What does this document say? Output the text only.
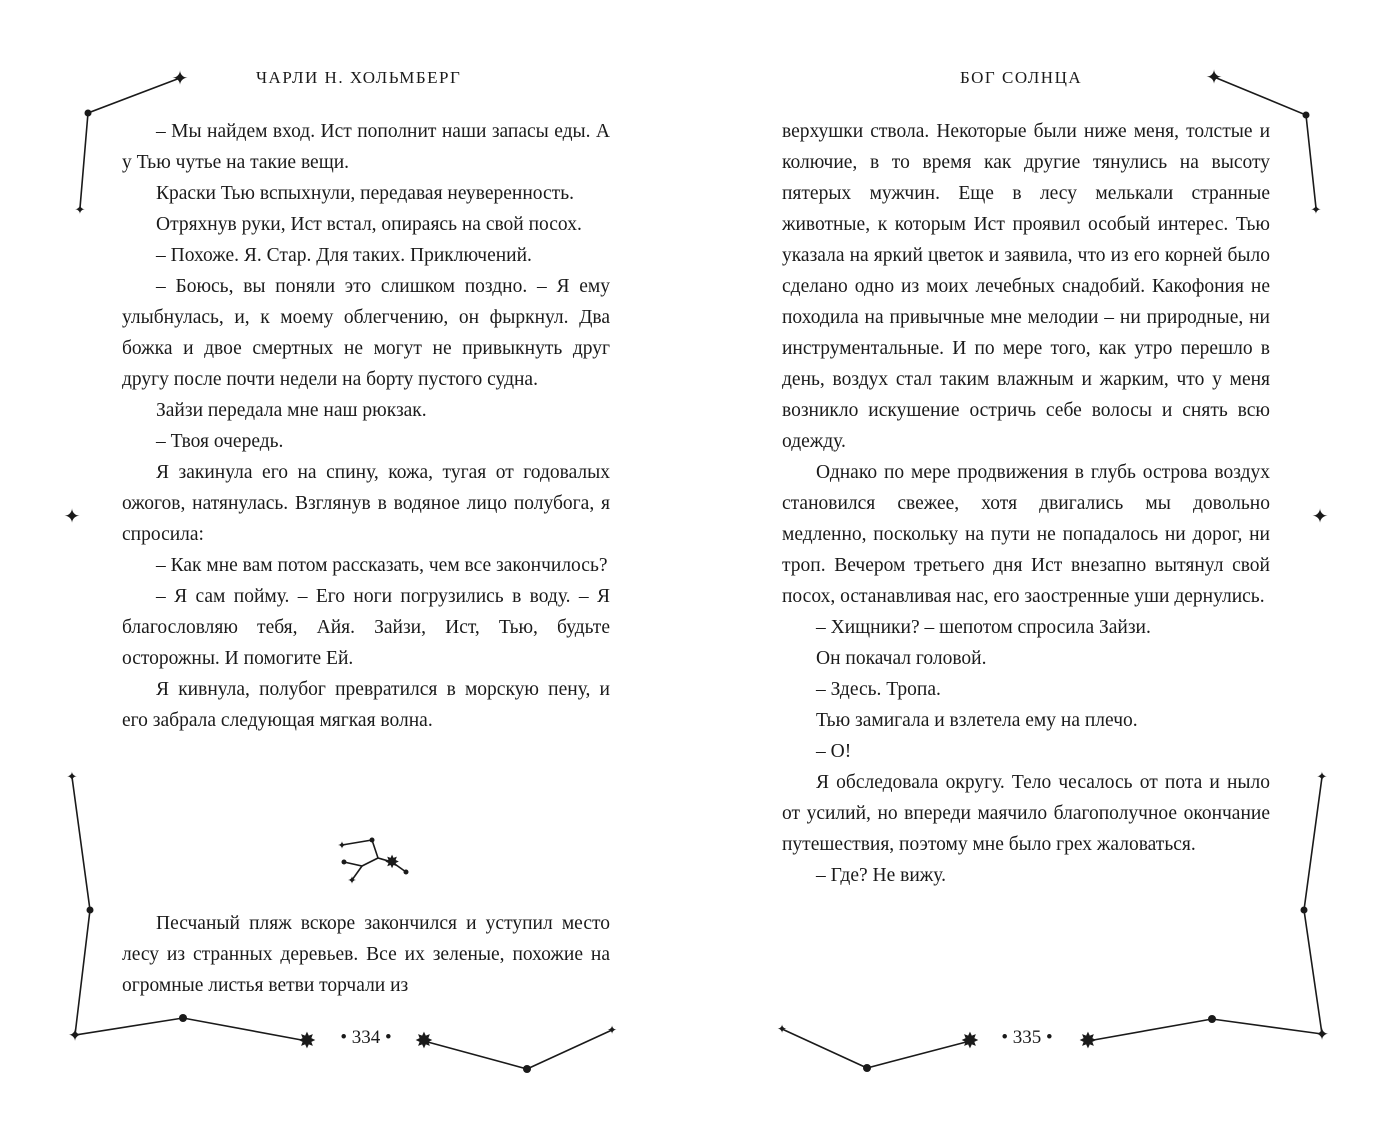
✦
✦
✦
✦
✦	✸	✸	✦
✦
✸
✦
✦
✦
✦
✦
✦
✸	✸
✦
ЧАРЛИ Н. ХОЛЬМБЕРГ	БОГ СОЛНЦА

– Мы найдем вход. Ист пополнит наши запасы еды. А у Тью чутье на такие вещи.

Краски Тью вспыхнули, передавая неуверенность.

Отряхнув руки, Ист встал, опираясь на свой посох.

– Похоже. Я. Стар. Для таких. Приключений.

– Боюсь, вы поняли это слишком поздно. – Я ему улыбнулась, и, к моему облегчению, он фыркнул. Два божка и двое смертных не могут не привыкнуть друг другу после почти недели на борту пустого судна.

Зайзи передала мне наш рюкзак.

– Твоя очередь.

Я закинула его на спину, кожа, тугая от годовалых ожогов, натянулась. Взглянув в водяное лицо полубога, я спросила:

– Как мне вам потом рассказать, чем все закончилось?

– Я сам пойму. – Его ноги погрузились в воду. – Я благословляю тебя, Айя. Зайзи, Ист, Тью, будьте осторожны. И помогите Ей.

Я кивнула, полубог превратился в морскую пену, и его забрала следующая мягкая волна.

Песчаный пляж вскоре закончился и уступил место лесу из странных деревьев. Все их зеленые, похожие на огромные листья ветви торчали из

• 334 •

верхушки ствола. Некоторые были ниже меня, толстые и колючие, в то время как другие тянулись на высоту пятерых мужчин. Еще в лесу мелькали странные животные, к которым Ист проявил особый интерес. Тью указала на яркий цветок и заявила, что из его корней было сделано одно из моих лечебных снадобий. Какофония не походила на привычные мне мелодии – ни природные, ни инструментальные. И по мере того, как утро перешло в день, воздух стал таким влажным и жарким, что у меня возникло искушение остричь себе волосы и снять всю одежду.

Однако по мере продвижения в глубь острова воздух становился свежее, хотя двигались мы довольно медленно, поскольку на пути не попадалось ни дорог, ни троп. Вечером третьего дня Ист внезапно вытянул свой посох, останавливая нас, его заостренные уши дернулись.

– Хищники? – шепотом спросила Зайзи.

Он покачал головой.

– Здесь. Тропа.

Тью замигала и взлетела ему на плечо.

– О!

Я обследовала округу. Тело чесалось от пота и ныло от усилий, но впереди маячило благополучное окончание путешествия, поэтому мне было грех жаловаться.

– Где? Не вижу.

• 335 •
